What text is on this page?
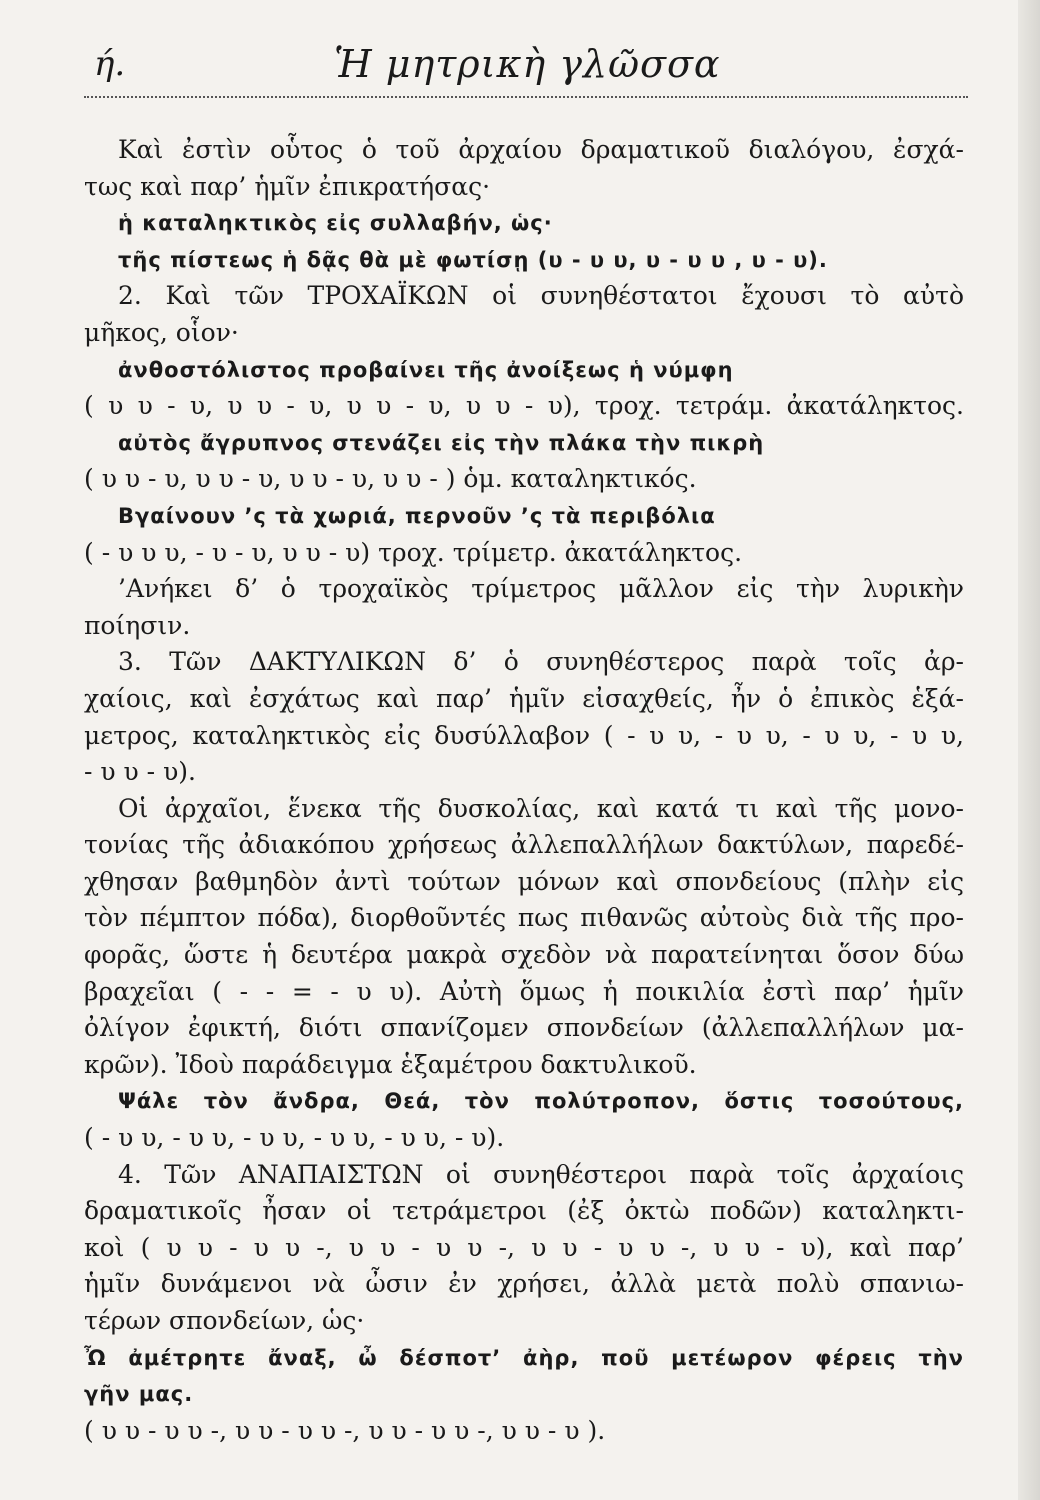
ή.	Ἡ μητρικὴ γλῶσσα
Καὶ ἐστὶν οὗτος ὁ τοῦ ἀρχαίου δραματικοῦ διαλόγου, ἐσχά-
τως καὶ παρ’ ἡμῖν ἐπικρατήσας·
ἡ καταληκτικὸς εἰς συλλαβήν, ὡς·
τῆς πίστεως ἡ δᾷς θὰ μὲ φωτίσῃ (υ - υ υ, υ - υ υ , υ - υ).
2. Καὶ τῶν ΤΡΟΧΑΪΚΩΝ οἱ συνηθέστατοι ἔχουσι τὸ αὐτὸ
μῆκος, οἷον·
ἀνθοστόλιστος προβαίνει τῆς ἀνοίξεως ἡ νύμφη
( υ υ - υ, υ υ - υ, υ υ - υ, υ υ - υ), τροχ. τετράμ. ἀκατάληκτος.
αὐτὸς ἄγρυπνος στενάζει εἰς τὴν πλάκα τὴν πικρὴ
( υ υ - υ, υ υ - υ, υ υ - υ, υ υ - ) ὁμ. καταληκτικός.
Βγαίνουν ’ς τὰ χωριά, περνοῦν ’ς τὰ περιβόλια
( - υ υ υ, - υ - υ, υ υ - υ) τροχ. τρίμετρ. ἀκατάληκτος.
’Ανήκει δ’ ὁ τροχαϊκὸς τρίμετρος μᾶλλον εἰς τὴν λυρικὴν
ποίησιν.
3. Τῶν ΔΑΚΤΥΛΙΚΩΝ δ’ ὁ συνηθέστερος παρὰ τοῖς ἀρ-
χαίοις, καὶ ἐσχάτως καὶ παρ’ ἡμῖν εἰσαχθείς, ἦν ὁ ἐπικὸς ἑξά-
μετρος, καταληκτικὸς εἰς δυσύλλαβον ( - υ υ, - υ υ, - υ υ, - υ υ,
- υ υ - υ).
Οἱ ἀρχαῖοι, ἕνεκα τῆς δυσκολίας, καὶ κατά τι καὶ τῆς μονο-
τονίας τῆς ἀδιακόπου χρήσεως ἀλλεπαλλήλων δακτύλων, παρεδέ-
χθησαν βαθμηδὸν ἀντὶ τούτων μόνων καὶ σπονδείους (πλὴν εἰς
τὸν πέμπτον πόδα), διορθοῦντές πως πιθανῶς αὐτοὺς διὰ τῆς προ-
φορᾶς, ὥστε ἡ δευτέρα μακρὰ σχεδὸν νὰ παρατείνηται ὅσον δύω
βραχεῖαι ( - - = - υ υ). Αὐτὴ ὅμως ἡ ποικιλία ἐστὶ παρ’ ἡμῖν
ὀλίγον ἐφικτή, διότι σπανίζομεν σπονδείων (ἀλλεπαλλήλων μα-
κρῶν). Ἰδοὺ παράδειγμα ἑξαμέτρου δακτυλικοῦ.
Ψάλε τὸν ἄνδρα, Θεά, τὸν πολύτροπον, ὅστις τοσούτους,
( - υ υ, - υ υ, - υ υ, - υ υ, - υ υ, - υ).
4. Τῶν ΑΝΑΠΑΙΣΤΩΝ οἱ συνηθέστεροι παρὰ τοῖς ἀρχαίοις
δραματικοῖς ἦσαν οἱ τετράμετροι (ἐξ ὀκτὼ ποδῶν) καταληκτι-
κοὶ ( υ υ - υ υ -, υ υ - υ υ -, υ υ - υ υ -, υ υ - υ), καὶ παρ’
ἡμῖν δυνάμενοι νὰ ὦσιν ἐν χρήσει, ἀλλὰ μετὰ πολὺ σπανιω-
τέρων σπονδείων, ὡς·
Ὦ ἀμέτρητε ἄναξ, ὦ δέσποτ’ ἀὴρ, ποῦ μετέωρον φέρεις τὴν
γῆν μας.
( υ υ - υ υ -, υ υ - υ υ -, υ υ - υ υ -, υ υ - υ ).
